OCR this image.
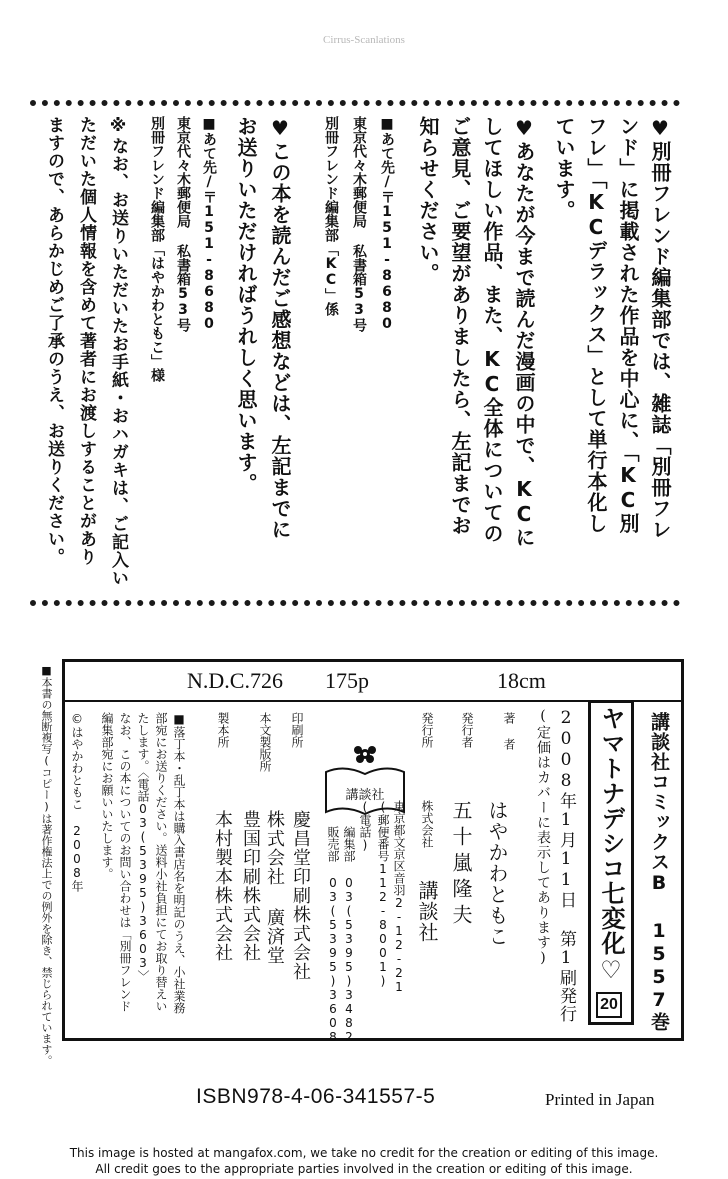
Cirrus-Scanlations
♥別冊フレンド編集部では、雑誌「別冊フレ
ンド」に掲載された作品を中心に、「KC別
フレ」「KCデラックス」として単行本化し
ています。
♥あなたが今まで読んだ漫画の中で、KCに
してほしい作品、また、KC全体についての
ご意見、ご要望がありましたら、左記までお
知らせください。
■あて先/〒151-8680
東京代々木郵便局 私書箱53号
別冊フレンド編集部「KC」係
♥この本を読んだご感想などは、左記までに
お送りいただければうれしく思います。
■あて先/〒151-8680
東京代々木郵便局 私書箱53号
別冊フレンド編集部「はやかわともこ」様
※なお、お送りいただいたお手紙・おハガキは、ご記入い
ただいた個人情報を含めて著者にお渡しすることがあり
ますので、あらかじめご了承のうえ、お送りください。
■本書の無断複写(コピー)は著作権法上での例外を除き、禁じられています。	N.D.C.726 175p	18cm
ヤマトナデシコ七変化♡
20
講談社コミックスB
1557巻
2008年1月11日 第1刷発行
(定価はカバーに表示してあります)
著 者
はやかわともこ
発行者
五十嵐隆夫
発行所
株式会社
講談社
東京都文京区音羽2-12-21
(郵便番号112-8001)
(電話)
編集部 03(5395)3482
販売部 03(5395)3608
講談社
印刷所
慶昌堂印刷株式会社
本文製版所
株式会社 廣済堂
豊国印刷株式会社
製本所
本村製本株式会社
■落丁本・乱丁本は購入書店名を明記のうえ、小社業務
部宛にお送りください。送料小社負担にてお取り替えい
たします。〈電話03(5395)3603〉
なお、この本についてのお問い合わせは「別冊フレンド
編集部宛にお願いいたします。
©はやかわともこ 2008年
ISBN978-4-06-341557-5	Printed in Japan
This image is hosted at mangafox.com, we take no credit for the creation or editing of this image.
All credit goes to the appropriate parties involved in the creation or editing of this image.
